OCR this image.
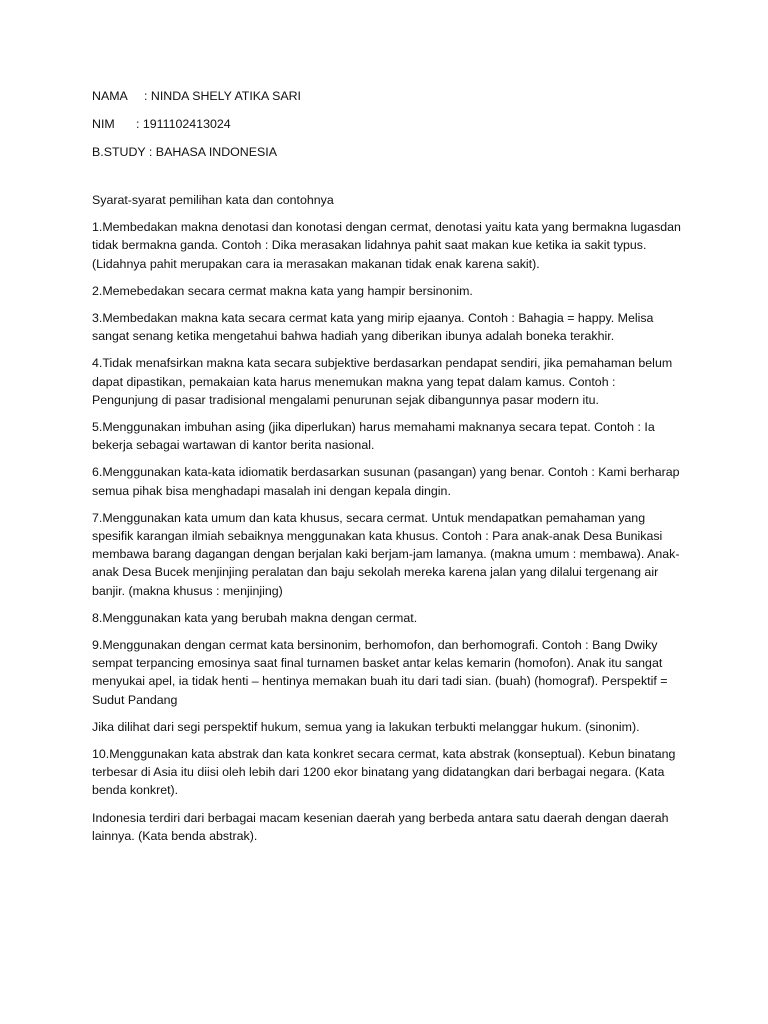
NAMA	: NINDA SHELY ATIKA SARI
NIM	: 1911102413024
B.STUDY : BAHASA INDONESIA

Syarat-syarat pemilihan kata dan contohnya

1.Membedakan makna denotasi dan konotasi dengan cermat, denotasi yaitu kata yang bermakna lugasdan tidak bermakna ganda. Contoh : Dika merasakan lidahnya pahit saat makan kue ketika ia sakit typus. (Lidahnya pahit merupakan cara ia merasakan makanan tidak enak karena sakit).

2.Memebedakan secara cermat makna kata yang hampir bersinonim.

3.Membedakan makna kata secara cermat kata yang mirip ejaanya. Contoh : Bahagia = happy. Melisa sangat senang ketika mengetahui bahwa hadiah yang diberikan ibunya adalah boneka terakhir.

4.Tidak menafsirkan makna kata secara subjektive berdasarkan pendapat sendiri, jika pemahaman belum dapat dipastikan, pemakaian kata harus menemukan makna yang tepat dalam kamus. Contoh : Pengunjung di pasar tradisional mengalami penurunan sejak dibangunnya pasar modern itu.

5.Menggunakan imbuhan asing (jika diperlukan) harus memahami maknanya secara tepat. Contoh : Ia bekerja sebagai wartawan di kantor berita nasional.

6.Menggunakan kata-kata idiomatik berdasarkan susunan (pasangan) yang benar. Contoh : Kami berharap semua pihak bisa menghadapi masalah ini dengan kepala dingin.

7.Menggunakan kata umum dan kata khusus, secara cermat. Untuk mendapatkan pemahaman yang spesifik karangan ilmiah sebaiknya menggunakan kata khusus. Contoh : Para anak-anak Desa Bunikasi membawa barang dagangan dengan berjalan kaki berjam-jam lamanya. (makna umum : membawa). Anak-anak Desa Bucek menjinjing peralatan dan baju sekolah mereka karena jalan yang dilalui tergenang air banjir. (makna khusus : menjinjing)

8.Menggunakan kata yang berubah makna dengan cermat.

9.Menggunakan dengan cermat kata bersinonim, berhomofon, dan berhomografi. Contoh : Bang Dwiky sempat terpancing emosinya saat final turnamen basket antar kelas kemarin (homofon). Anak itu sangat menyukai apel, ia tidak henti – hentinya memakan buah itu dari tadi sian. (buah) (homograf). Perspektif = Sudut Pandang

Jika dilihat dari segi perspektif hukum, semua yang ia lakukan terbukti melanggar hukum. (sinonim).

10.Menggunakan kata abstrak dan kata konkret secara cermat, kata abstrak (konseptual). Kebun binatang terbesar di Asia itu diisi oleh lebih dari 1200 ekor binatang yang didatangkan dari berbagai negara. (Kata benda konkret).

Indonesia terdiri dari berbagai macam kesenian daerah yang berbeda antara satu daerah dengan daerah lainnya. (Kata benda abstrak).
